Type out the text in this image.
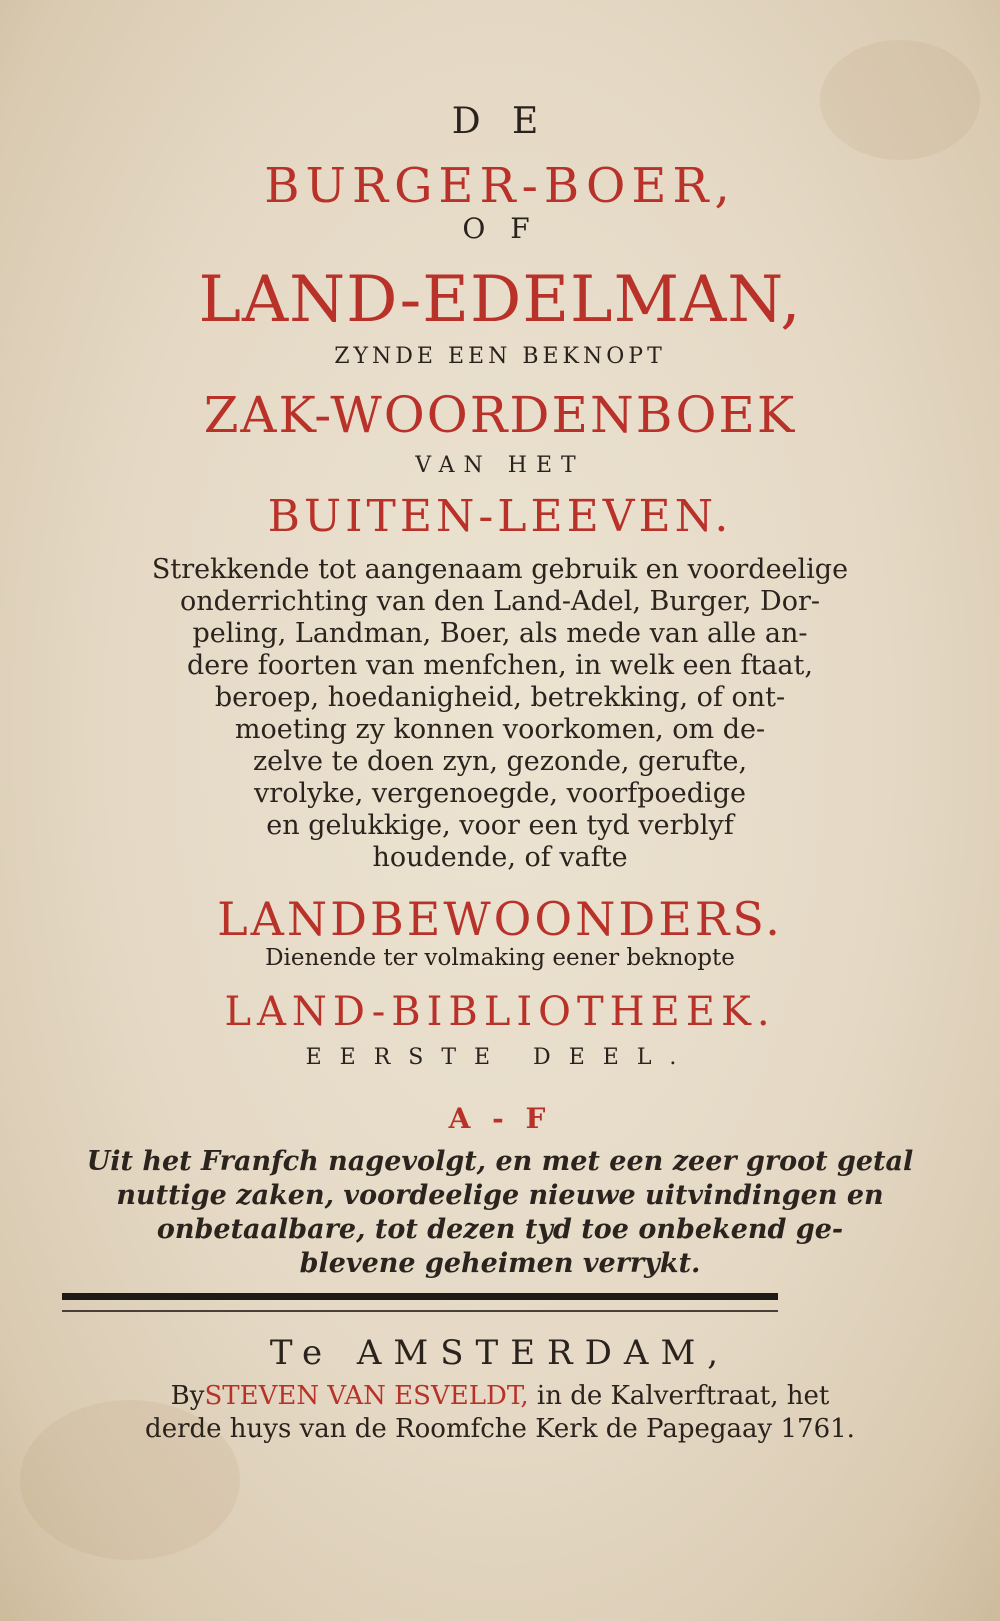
D E
BURGER-BOER,
O F
LAND-EDELMAN,
ZYNDE EEN BEKNOPT
ZAK-WOORDENBOEK
VAN HET
BUITEN-LEEVEN.
Strekkende tot aangenaam gebruik en voordeelige
onderrichting van den Land-Adel, Burger, Dor-
peling, Landman, Boer, als mede van alle an-
dere foorten van menfchen, in welk een ftaat,
beroep, hoedanigheid, betrekking, of ont-
moeting zy konnen voorkomen, om de-
zelve te doen zyn, gezonde, gerufte,
vrolyke, vergenoegde, voorfpoedige
en gelukkige, voor een tyd verblyf
houdende, of vafte
LANDBEWOONDERS.
Dienende ter volmaking eener beknopte
LAND-BIBLIOTHEEK.
EERSTE DEEL.
A - F
Uit het Franfch nagevolgt, en met een zeer groot getal
nuttige zaken, voordeelige nieuwe uitvindingen en
onbetaalbare, tot dezen tyd toe onbekend ge-
blevene geheimen verrykt.
Te AMSTERDAM,
BySTEVEN VAN ESVELDT, in de Kalverftraat, het
derde huys van de Roomfche Kerk de Papegaay 1761.
